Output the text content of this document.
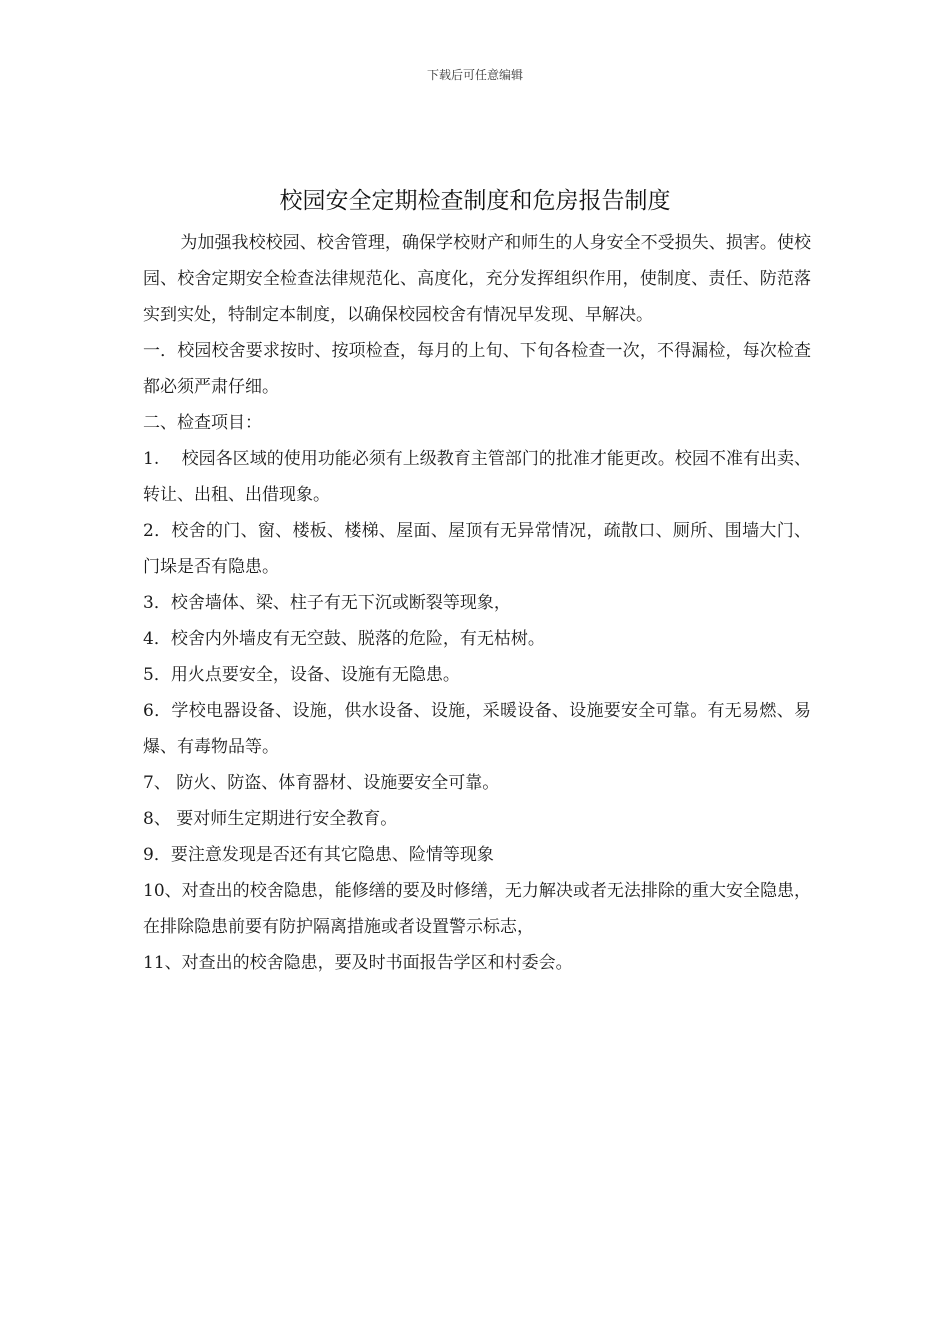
下载后可任意编辑
校园安全定期检查制度和危房报告制度

为加强我校校园、校舍管理，确保学校财产和师生的人身安全不受损失、损害。使校园、校舍定期安全检查法律规范化、高度化，充分发挥组织作用，使制度、责任、防范落实到实处，特制定本制度，以确保校园校舍有情况早发现、早解决。

一．校园校舍要求按时、按项检查，每月的上旬、下旬各检查一次，不得漏检，每次检查都必须严肃仔细。

二、检查项目：

1.　 校园各区域的使用功能必须有上级教育主管部门的批准才能更改。校园不准有出卖、转让、出租、出借现象。

2．校舍的门、窗、楼板、楼梯、屋面、屋顶有无异常情况，疏散口、厕所、围墙大门、门垛是否有隐患。

3．校舍墙体、梁、柱子有无下沉或断裂等现象，

4．校舍内外墙皮有无空鼓、脱落的危险，有无枯树。

5．用火点要安全，设备、设施有无隐患。

6．学校电器设备、设施，供水设备、设施，采暖设备、设施要安全可靠。有无易燃、易爆、有毒物品等。

7、 防火、防盗、体育器材、设施要安全可靠。

8、 要对师生定期进行安全教育。

9．要注意发现是否还有其它隐患、险情等现象

10、对查出的校舍隐患，能修缮的要及时修缮，无力解决或者无法排除的重大安全隐患，在排除隐患前要有防护隔离措施或者设置警示标志，

11、对查出的校舍隐患，要及时书面报告学区和村委会。
